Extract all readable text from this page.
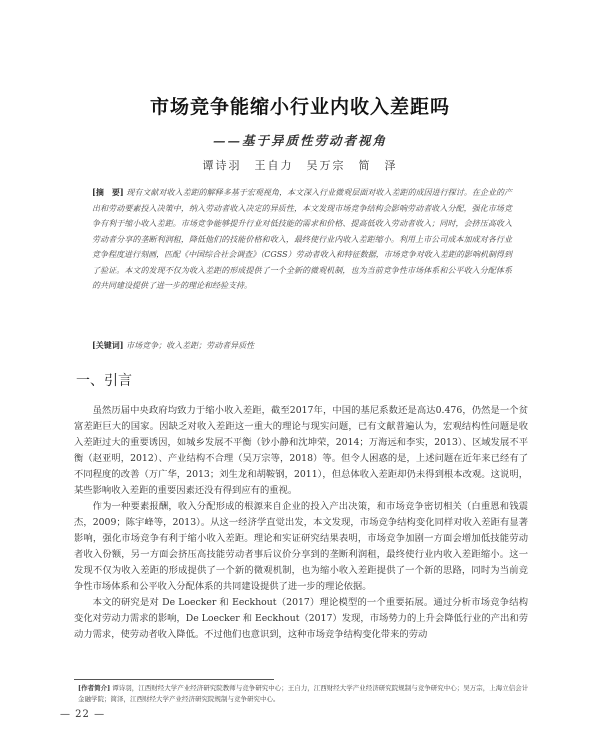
市场竞争能缩小行业内收入差距吗
——基于异质性劳动者视角
谭诗羽　王自力　吴万宗　简　泽
[摘　要] 现有文献对收入差距的解释多基于宏观视角，本文深入行业微观层面对收入差距的成因进行探讨。在企业的产出和劳动要素投入决策中，纳入劳动者收入决定的异质性，本文发现市场竞争结构会影响劳动者收入分配，强化市场竞争有利于缩小收入差距。市场竞争能够提升行业对低技能的需求和价格、提高低收入劳动者收入；同时，会挤压高收入劳动者分享的垄断利润租，降低他们的技能价格和收入，最终使行业内收入差距缩小。利用上市公司成本加成对各行业竞争程度进行刻画，匹配《中国综合社会调查》（CGSS）劳动者收入和特征数据，市场竞争对收入差距的影响机制得到了验证。本文的发现不仅为收入差距的形成提供了一个全新的微观机制，也为当前竞争性市场体系和公平收入分配体系的共同建设提供了进一步的理论和经验支持。
[关键词] 市场竞争；收入差距；劳动者异质性
一、引言

虽然历届中央政府均致力于缩小收入差距，截至2017年，中国的基尼系数还是高达0.476，仍然是一个贫富差距巨大的国家。因缺乏对收入差距这一重大的理论与现实问题，已有文献普遍认为，宏观结构性问题是收入差距过大的重要诱因，如城乡发展不平衡（钞小静和沈坤荣，2014；万海远和李实，2013）、区域发展不平衡（赵亚明，2012）、产业结构不合理（吴万宗等，2018）等。但令人困惑的是，上述问题在近年来已经有了不同程度的改善（万广华，2013；刘生龙和胡鞍钢，2011），但总体收入差距却仍未得到根本改观。这说明，某些影响收入差距的重要因素还没有得到应有的重视。

作为一种要素报酬，收入分配形成的根源来自企业的投入产出决策，和市场竞争密切相关（白重恩和钱震杰，2009；陈宇峰等，2013）。从这一经济学直觉出发，本文发现，市场竞争结构变化同样对收入差距有显著影响，强化市场竞争有利于缩小收入差距。理论和实证研究结果表明，市场竞争加剧一方面会增加低技能劳动者收入份额，另一方面会挤压高技能劳动者事后议价分享到的垄断利润租，最终使行业内收入差距缩小。这一发现不仅为收入差距的形成提供了一个新的微观机制，也为缩小收入差距提供了一个新的思路，同时为当前竞争性市场体系和公平收入分配体系的共同建设提供了进一步的理论依据。

本文的研究是对 De Loecker 和 Eeckhout（2017）理论模型的一个重要拓展。通过分析市场竞争结构变化对劳动力需求的影响，De Loecker 和 Eeckhout（2017）发现，市场势力的上升会降低行业的产出和劳动力需求，使劳动者收入降低。不过他们也意识到，这种市场竞争结构变化带来的劳动

[作者简介] 谭诗羽，江西财经大学产业经济研究院教师与竞争研究中心；王自力，江西财经大学产业经济研究院规制与竞争研究中心；吴万宗，上海立信会计金融学院；简泽，江西财经大学产业经济研究院规制与竞争研究中心。
— 22 —
